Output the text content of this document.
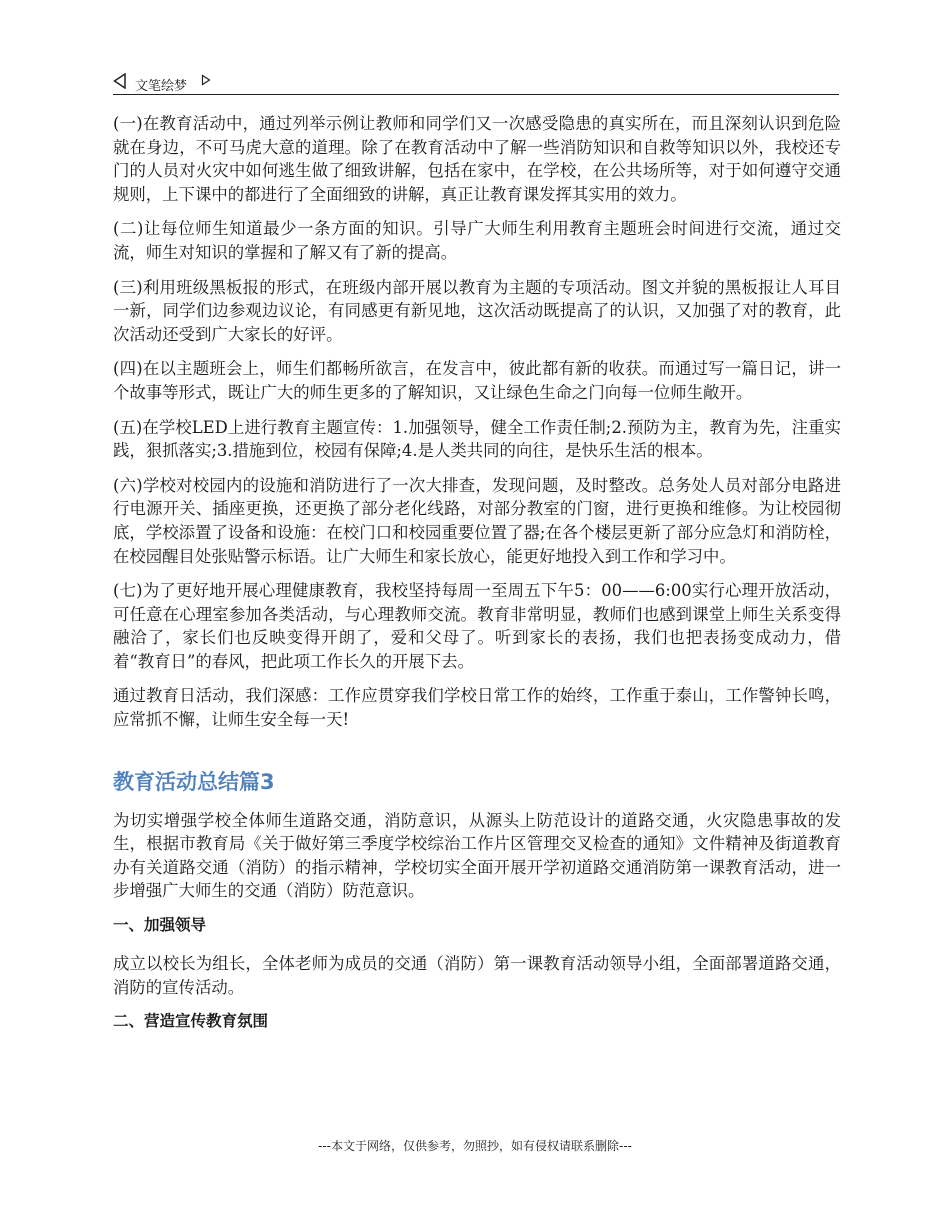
文笔绘梦

(一)在教育活动中，通过列举示例让教师和同学们又一次感受隐患的真实所在，而且深刻认识到危险就在身边，不可马虎大意的道理。除了在教育活动中了解一些消防知识和自救等知识以外，我校还专门的人员对火灾中如何逃生做了细致讲解，包括在家中，在学校，在公共场所等，对于如何遵守交通规则，上下课中的都进行了全面细致的讲解，真正让教育课发挥其实用的效力。

(二)让每位师生知道最少一条方面的知识。引导广大师生利用教育主题班会时间进行交流，通过交流，师生对知识的掌握和了解又有了新的提高。

(三)利用班级黑板报的形式，在班级内部开展以教育为主题的专项活动。图文并貌的黑板报让人耳目一新，同学们边参观边议论，有同感更有新见地，这次活动既提高了的认识，又加强了对的教育，此次活动还受到广大家长的好评。

(四)在以主题班会上，师生们都畅所欲言，在发言中，彼此都有新的收获。而通过写一篇日记，讲一个故事等形式，既让广大的师生更多的了解知识，又让绿色生命之门向每一位师生敞开。

(五)在学校LED上进行教育主题宣传：1.加强领导，健全工作责任制;2.预防为主，教育为先，注重实践，狠抓落实;3.措施到位，校园有保障;4.是人类共同的向往，是快乐生活的根本。

(六)学校对校园内的设施和消防进行了一次大排查，发现问题，及时整改。总务处人员对部分电路进行电源开关、插座更换，还更换了部分老化线路，对部分教室的门窗，进行更换和维修。为让校园彻底，学校添置了设备和设施：在校门口和校园重要位置了器;在各个楼层更新了部分应急灯和消防栓，在校园醒目处张贴警示标语。让广大师生和家长放心，能更好地投入到工作和学习中。

(七)为了更好地开展心理健康教育，我校坚持每周一至周五下午5：00——6:00实行心理开放活动，可任意在心理室参加各类活动，与心理教师交流。教育非常明显，教师们也感到课堂上师生关系变得融洽了，家长们也反映变得开朗了，爱和父母了。听到家长的表扬，我们也把表扬变成动力，借着“教育日”的春风，把此项工作长久的开展下去。

通过教育日活动，我们深感：工作应贯穿我们学校日常工作的始终，工作重于泰山，工作警钟长鸣，应常抓不懈，让师生安全每一天!

教育活动总结篇3

为切实增强学校全体师生道路交通，消防意识，从源头上防范设计的道路交通，火灾隐患事故的发生，根据市教育局《关于做好第三季度学校综治工作片区管理交叉检查的通知》文件精神及街道教育办有关道路交通（消防）的指示精神，学校切实全面开展开学初道路交通消防第一课教育活动，进一步增强广大师生的交通（消防）防范意识。

一、加强领导

成立以校长为组长，全体老师为成员的交通（消防）第一课教育活动领导小组，全面部署道路交通，消防的宣传活动。

二、营造宣传教育氛围
---本文于网络，仅供参考，勿照抄，如有侵权请联系删除---
